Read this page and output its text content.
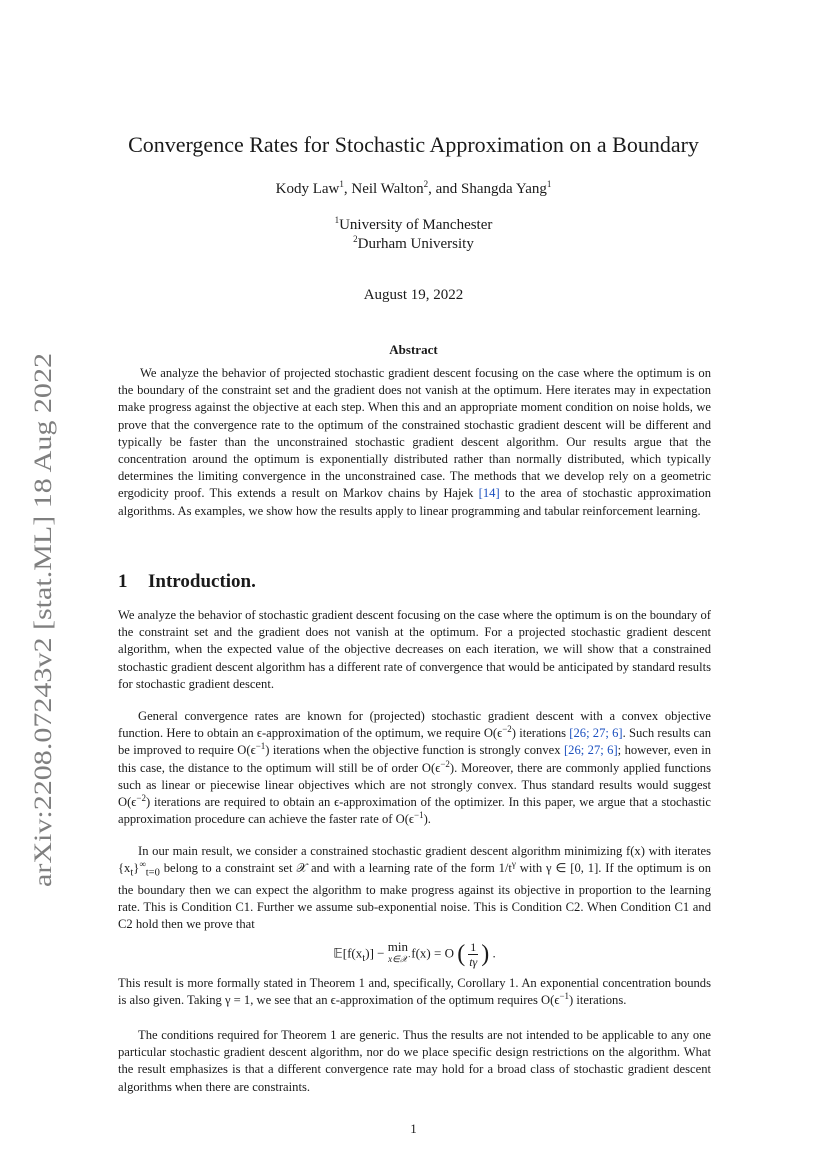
arXiv:2208.07243v2 [stat.ML] 18 Aug 2022
Convergence Rates for Stochastic Approximation on a Boundary
Kody Law$^1$, Neil Walton$^2$, and Shangda Yang$^1$
$^1$University of Manchester
$^2$Durham University
August 19, 2022
Abstract
We analyze the behavior of projected stochastic gradient descent focusing on the case where the optimum is on the boundary of the constraint set and the gradient does not vanish at the optimum. Here iterates may in expectation make progress against the objective at each step. When this and an appropriate moment condition on noise holds, we prove that the convergence rate to the optimum of the constrained stochastic gradient descent will be different and typically be faster than the unconstrained stochastic gradient descent algorithm. Our results argue that the concentration around the optimum is exponentially distributed rather than normally distributed, which typically determines the limiting convergence in the unconstrained case. The methods that we develop rely on a geometric ergodicity proof. This extends a result on Markov chains by Hajek [14] to the area of stochastic approximation algorithms. As examples, we show how the results apply to linear programming and tabular reinforcement learning.
1 Introduction.
We analyze the behavior of stochastic gradient descent focusing on the case where the optimum is on the boundary of the constraint set and the gradient does not vanish at the optimum. For a projected stochastic gradient descent algorithm, when the expected value of the objective decreases on each iteration, we will show that a constrained stochastic gradient descent algorithm has a different rate of convergence that would be anticipated by standard results for stochastic gradient descent.
General convergence rates are known for (projected) stochastic gradient descent with a convex objective function. Here to obtain an ϵ-approximation of the optimum, we require $O(\epsilon^{-2})$ iterations [26; 27; 6]. Such results can be improved to require $O(\epsilon^{-1})$ iterations when the objective function is strongly convex [26; 27; 6]; however, even in this case, the distance to the optimum will still be of order $O(\epsilon^{-2})$. Moreover, there are commonly applied functions such as linear or piecewise linear objectives which are not strongly convex. Thus standard results would suggest $O(\epsilon^{-2})$ iterations are required to obtain an ϵ-approximation of the optimizer. In this paper, we argue that a stochastic approximation procedure can achieve the faster rate of $O(\epsilon^{-1})$.
In our main result, we consider a constrained stochastic gradient descent algorithm minimizing f(x) with iterates $\{x_t\}^\infty_{t=0}$ belong to a constraint set 𝒳 and with a learning rate of the form $1/t^\gamma$ with γ ∈ [0, 1]. If the optimum is on the boundary then we can expect the algorithm to make progress against its objective in proportion to the learning rate. This is Condition C1. Further we assume sub-exponential noise. This is Condition C2. When Condition C1 and C2 hold then we prove that
$𝔼[f(x_t)] - \min$
x∈𝒳 f(x) = O ( $\frac{1}{t\gamma}$ ) .
This result is more formally stated in Theorem 1 and, specifically, Corollary 1. An exponential concentration bounds is also given. Taking γ = 1, we see that an ϵ-approximation of the optimum requires $O(\epsilon^{-1})$ iterations.
The conditions required for Theorem 1 are generic. Thus the results are not intended to be applicable to any one particular stochastic gradient descent algorithm, nor do we place specific design restrictions on the algorithm. What the result emphasizes is that a different convergence rate may hold for a broad class of stochastic gradient descent algorithms when there are constraints.
1
